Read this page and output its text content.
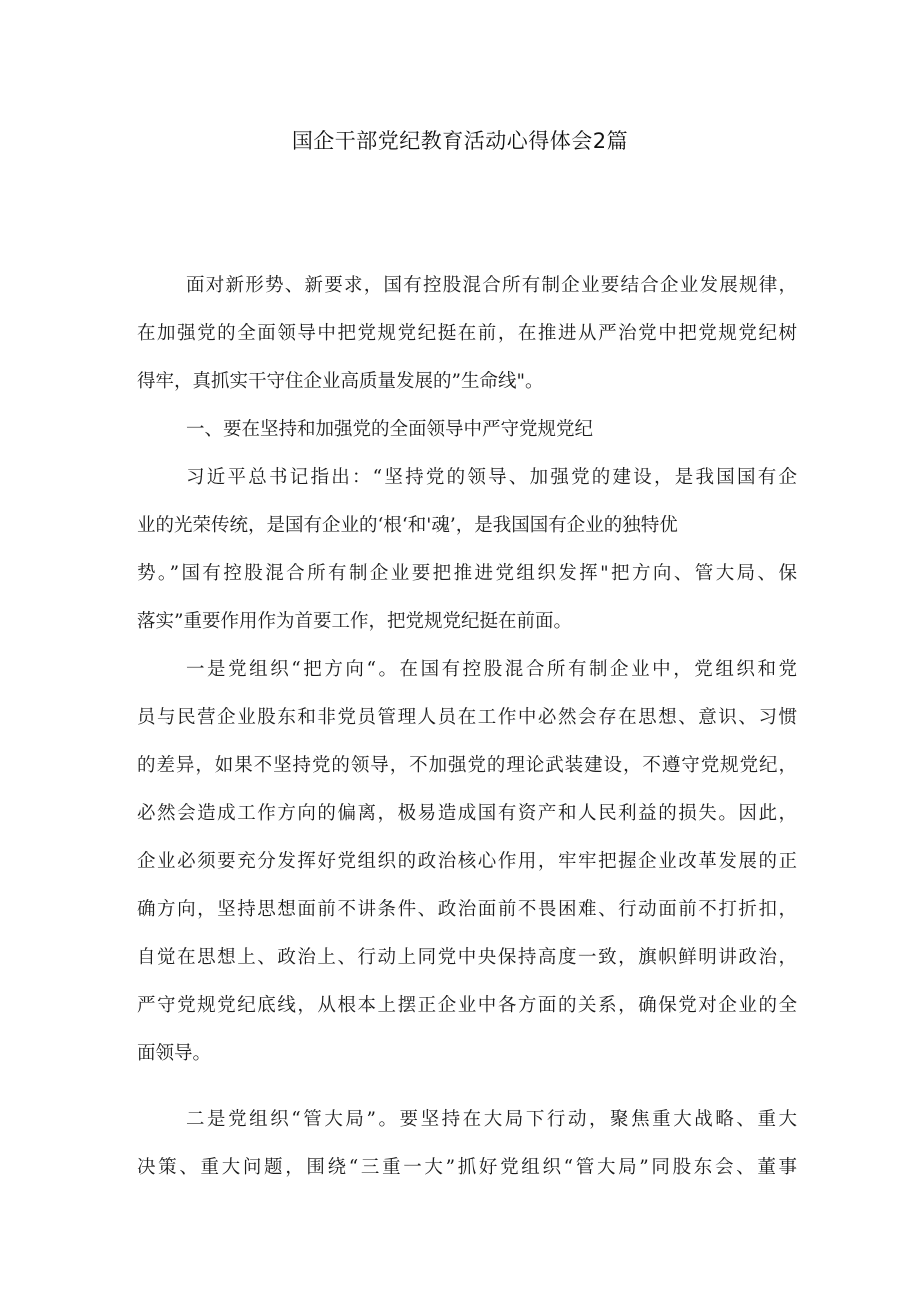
国企干部党纪教育活动心得体会2篇
面对新形势、新要求，国有控股混合所有制企业要结合企业发展规律，
在加强党的全面领导中把党规党纪挺在前，在推进从严治党中把党规党纪树
得牢，真抓实干守住企业高质量发展的”生命线"。
一、要在坚持和加强党的全面领导中严守党规党纪
习近平总书记指出：“坚持党的领导、加强党的建设，是我国国有企
业的光荣传统，是国有企业的‘根‘和'魂’，是我国国有企业的独特优
势。”国有控股混合所有制企业要把推进党组织发挥"把方向、管大局、保
落实”重要作用作为首要工作，把党规党纪挺在前面。
一是党组织“把方向“。在国有控股混合所有制企业中，党组织和党
员与民营企业股东和非党员管理人员在工作中必然会存在思想、意识、习惯
的差异，如果不坚持党的领导，不加强党的理论武装建设，不遵守党规党纪，
必然会造成工作方向的偏离，极易造成国有资产和人民利益的损失。因此，
企业必须要充分发挥好党组织的政治核心作用，牢牢把握企业改革发展的正
确方向，坚持思想面前不讲条件、政治面前不畏困难、行动面前不打折扣，
自觉在思想上、政治上、行动上同党中央保持高度一致，旗帜鲜明讲政治，
严守党规党纪底线，从根本上摆正企业中各方面的关系，确保党对企业的全
面领导。
二是党组织“管大局”。要坚持在大局下行动，聚焦重大战略、重大
决策、重大问题，围绕“三重一大”抓好党组织“管大局”同股东会、董事
